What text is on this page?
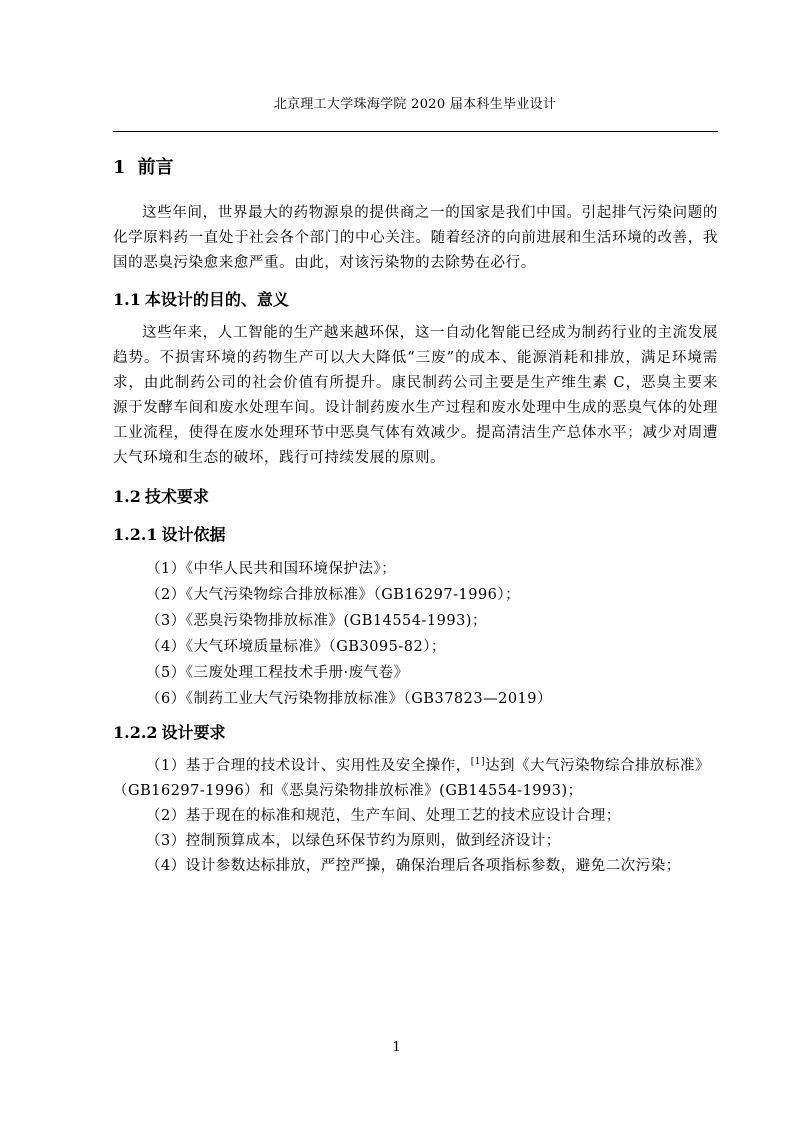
北京理工大学珠海学院 2020 届本科生毕业设计
1 前言

这些年间，世界最大的药物源泉的提供商之一的国家是我们中国。引起排气污染问题的化学原料药一直处于社会各个部门的中心关注。随着经济的向前进展和生活环境的改善，我国的恶臭污染愈来愈严重。由此，对该污染物的去除势在必行。

1.1 本设计的目的、意义

这些年来，人工智能的生产越来越环保，这一自动化智能已经成为制药行业的主流发展趋势。不损害环境的药物生产可以大大降低“三废”的成本、能源消耗和排放，满足环境需求，由此制药公司的社会价值有所提升。康民制药公司主要是生产维生素 C，恶臭主要来源于发酵车间和废水处理车间。设计制药废水生产过程和废水处理中生成的恶臭气体的处理工业流程，使得在废水处理环节中恶臭气体有效减少。提高清洁生产总体水平；减少对周遭大气环境和生态的破坏，践行可持续发展的原则。

1.2 技术要求
1.2.1 设计依据
（1）《中华人民共和国环境保护法》；
（2）《大气污染物综合排放标准》（GB16297-1996）；
（3）《恶臭污染物排放标准》(GB14554-1993)；
（4）《大气环境质量标准》（GB3095-82）；
（5）《三废处理工程技术手册·废气卷》
（6）《制药工业大气污染物排放标准》（GB37823—2019）
1.2.2 设计要求
（1）基于合理的技术设计、实用性及安全操作，[1]达到《大气污染物综合排放标准》
（GB16297-1996）和《恶臭污染物排放标准》(GB14554-1993)；
（2）基于现在的标准和规范，生产车间、处理工艺的技术应设计合理；
（3）控制预算成本，以绿色环保节约为原则，做到经济设计；
（4）设计参数达标排放，严控严操，确保治理后各项指标参数，避免二次污染；
1
